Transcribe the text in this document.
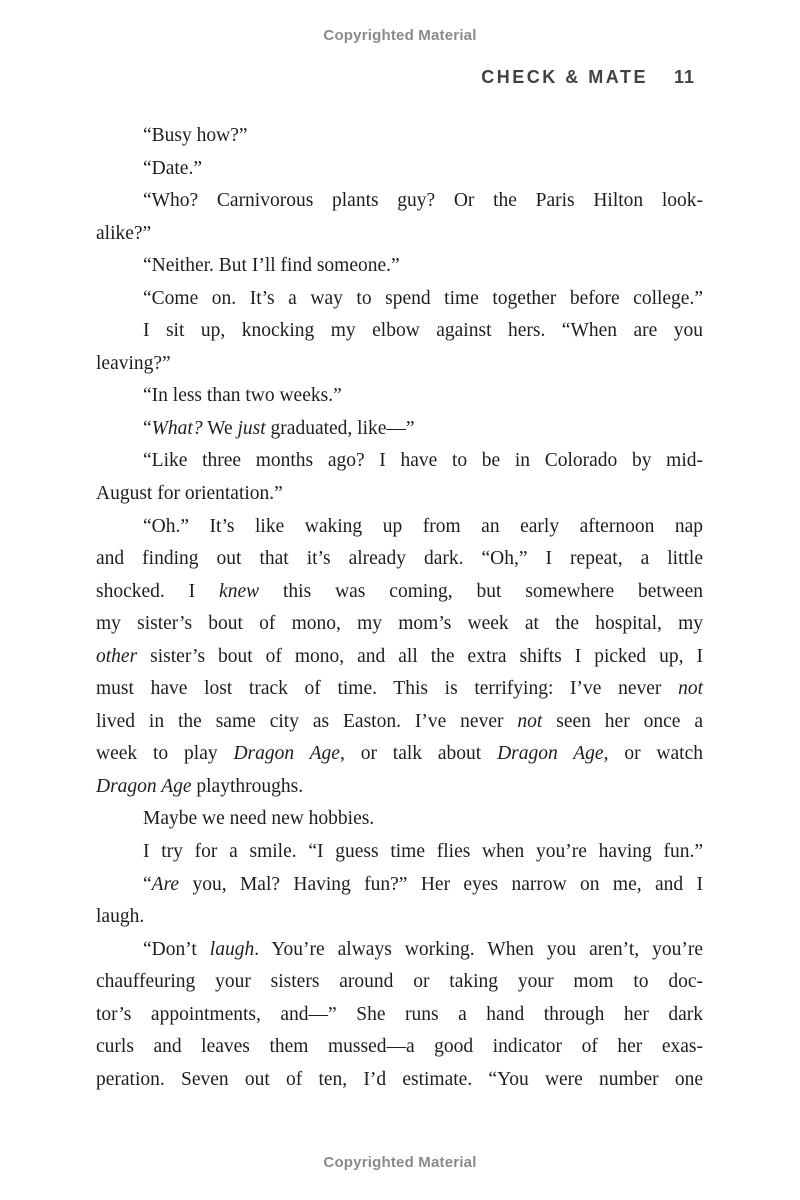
Copyrighted Material
CHECK & MATE 11
“Busy how?”
“Date.”
“Who? Carnivorous plants guy? Or the Paris Hilton look-
alike?”
“Neither. But I’ll find someone.”
“Come on. It’s a way to spend time together before college.”
I sit up, knocking my elbow against hers. “When are you
leaving?”
“In less than two weeks.”
“What? We just graduated, like—”
“Like three months ago? I have to be in Colorado by mid-
August for orientation.”
“Oh.” It’s like waking up from an early afternoon nap
and finding out that it’s already dark. “Oh,” I repeat, a little
shocked. I knew this was coming, but somewhere between
my sister’s bout of mono, my mom’s week at the hospital, my
other sister’s bout of mono, and all the extra shifts I picked up, I
must have lost track of time. This is terrifying: I’ve never not
lived in the same city as Easton. I’ve never not seen her once a
week to play Dragon Age, or talk about Dragon Age, or watch
Dragon Age playthroughs.
Maybe we need new hobbies.
I try for a smile. “I guess time flies when you’re having fun.”
“Are you, Mal? Having fun?” Her eyes narrow on me, and I
laugh.
“Don’t laugh. You’re always working. When you aren’t, you’re
chauffeuring your sisters around or taking your mom to doc-
tor’s appointments, and—” She runs a hand through her dark
curls and leaves them mussed—a good indicator of her exas-
peration. Seven out of ten, I’d estimate. “You were number one
Copyrighted Material
